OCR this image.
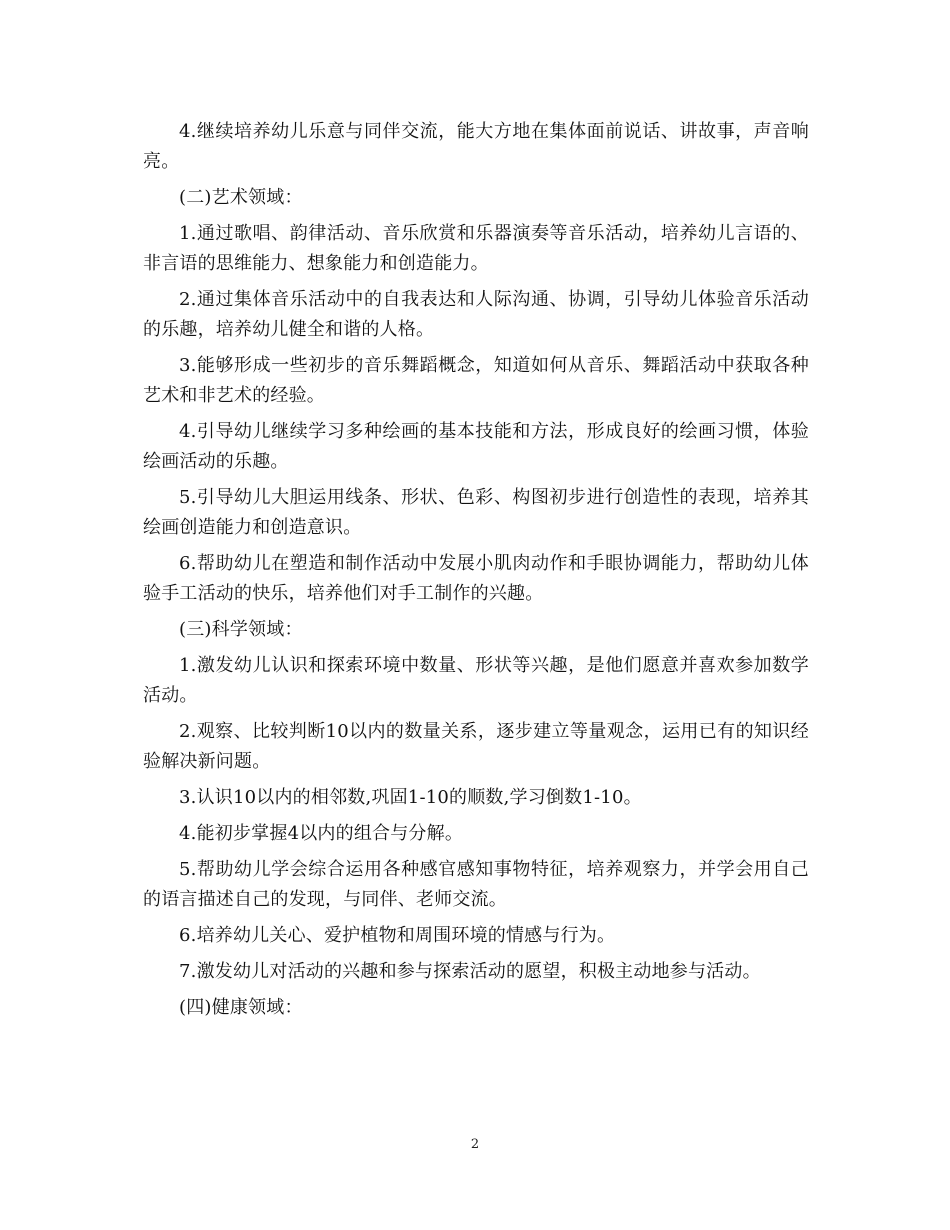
4.继续培养幼儿乐意与同伴交流，能大方地在集体面前说话、讲故事，声音响亮。

(二)艺术领域：

1.通过歌唱、韵律活动、音乐欣赏和乐器演奏等音乐活动，培养幼儿言语的、非言语的思维能力、想象能力和创造能力。

2.通过集体音乐活动中的自我表达和人际沟通、协调，引导幼儿体验音乐活动的乐趣，培养幼儿健全和谐的人格。

3.能够形成一些初步的音乐舞蹈概念，知道如何从音乐、舞蹈活动中获取各种艺术和非艺术的经验。

4.引导幼儿继续学习多种绘画的基本技能和方法，形成良好的绘画习惯，体验绘画活动的乐趣。

5.引导幼儿大胆运用线条、形状、色彩、构图初步进行创造性的表现，培养其绘画创造能力和创造意识。

6.帮助幼儿在塑造和制作活动中发展小肌肉动作和手眼协调能力，帮助幼儿体验手工活动的快乐，培养他们对手工制作的兴趣。

(三)科学领域：

1.激发幼儿认识和探索环境中数量、形状等兴趣，是他们愿意并喜欢参加数学活动。

2.观察、比较判断10以内的数量关系，逐步建立等量观念，运用已有的知识经验解决新问题。

3.认识10以内的相邻数,巩固1-10的顺数,学习倒数1-10。

4.能初步掌握4以内的组合与分解。

5.帮助幼儿学会综合运用各种感官感知事物特征，培养观察力，并学会用自己的语言描述自己的发现，与同伴、老师交流。

6.培养幼儿关心、爱护植物和周围环境的情感与行为。

7.激发幼儿对活动的兴趣和参与探索活动的愿望，积极主动地参与活动。

(四)健康领域：

2
